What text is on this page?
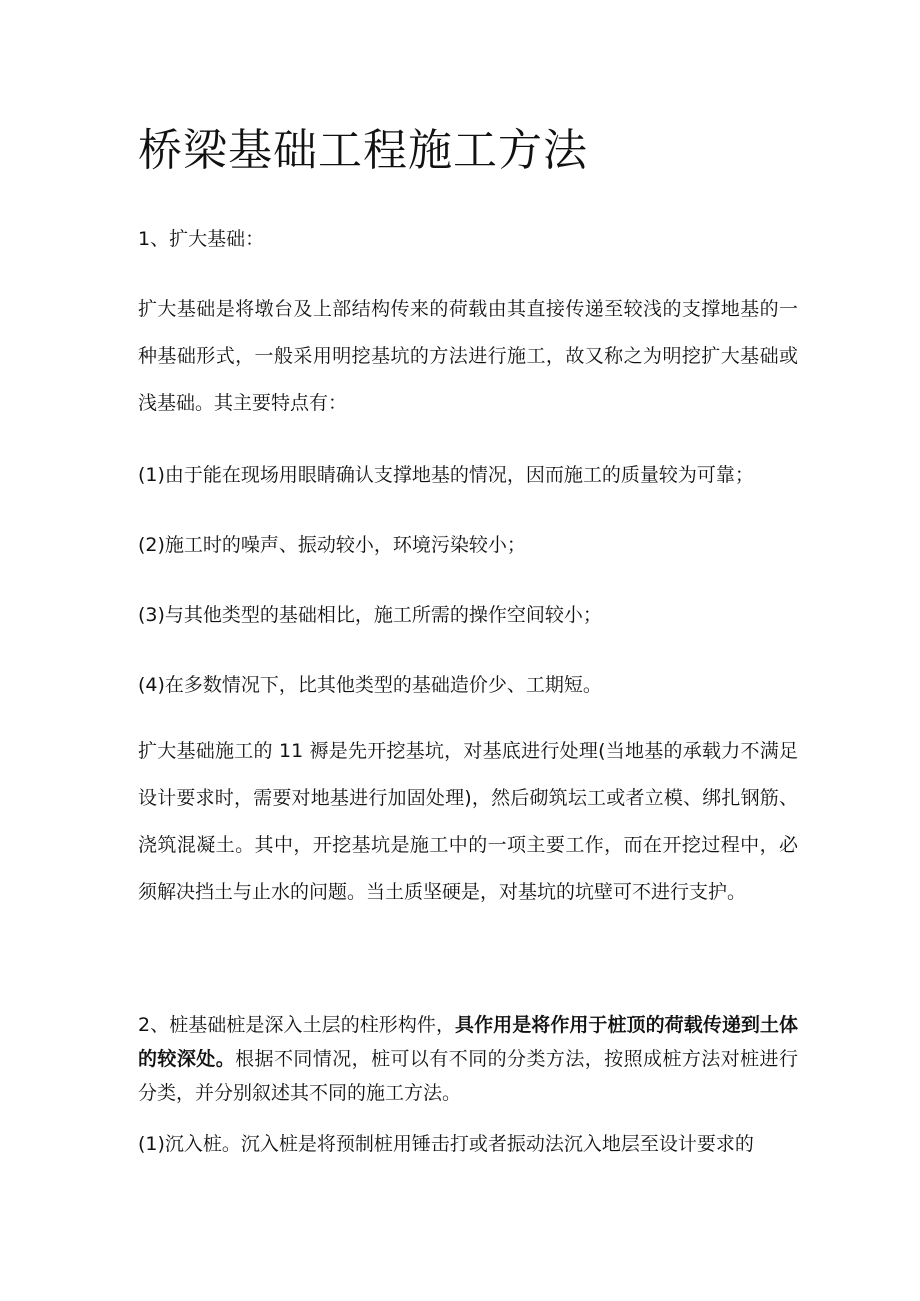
桥梁基础工程施工方法

1、扩大基础：

扩大基础是将墩台及上部结构传来的荷载由其直接传递至较浅的支撑地基的一种基础形式，一般采用明挖基坑的方法进行施工，故又称之为明挖扩大基础或浅基础。其主要特点有：

(1)由于能在现场用眼睛确认支撑地基的情况，因而施工的质量较为可靠；

(2)施工时的噪声、振动较小，环境污染较小；

(3)与其他类型的基础相比，施工所需的操作空间较小；

(4)在多数情况下，比其他类型的基础造价少、工期短。

扩大基础施工的 11 褥是先开挖基坑，对基底进行处理(当地基的承载力不满足设计要求时，需要对地基进行加固处理)，然后砌筑坛工或者立模、绑扎钢筋、浇筑混凝土。其中，开挖基坑是施工中的一项主要工作，而在开挖过程中，必须解决挡土与止水的问题。当土质坚硬是，对基坑的坑壁可不进行支护。

2、桩基础桩是深入土层的柱形构件，具作用是将作用于桩顶的荷载传递到土体的较深处。根据不同情况，桩可以有不同的分类方法，按照成桩方法对桩进行分类，并分别叙述其不同的施工方法。

(1)沉入桩。沉入桩是将预制桩用锤击打或者振动法沉入地层至设计要求的
